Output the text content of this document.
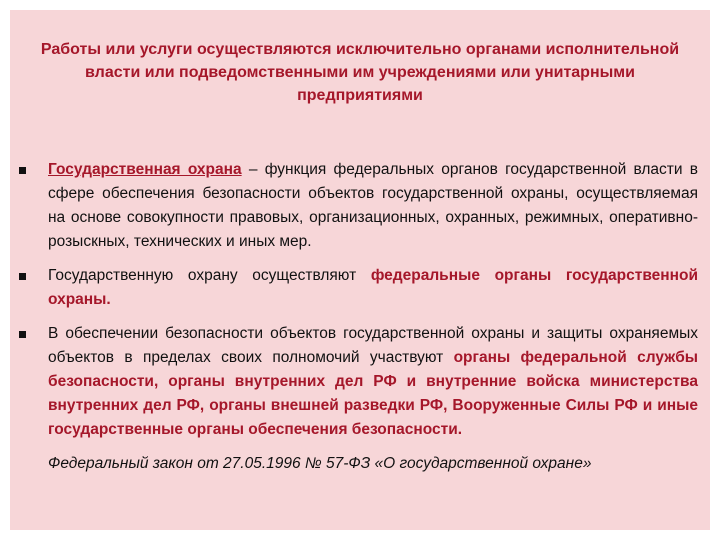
Работы или услуги осуществляются исключительно органами исполнительной власти или подведомственными им учреждениями или унитарными предприятиями
Государственная охрана – функция федеральных органов государственной власти в сфере обеспечения безопасности объектов государственной охраны, осуществляемая на основе совокупности правовых, организационных, охранных, режимных, оперативно-розыскных, технических и иных мер.
Государственную охрану осуществляют федеральные органы государственной охраны.
В обеспечении безопасности объектов государственной охраны и защиты охраняемых объектов в пределах своих полномочий участвуют органы федеральной службы безопасности, органы внутренних дел РФ и внутренние войска министерства внутренних дел РФ, органы внешней разведки РФ, Вооруженные Силы РФ и иные государственные органы обеспечения безопасности.
Федеральный закон от 27.05.1996 № 57-ФЗ «О государственной охране»
